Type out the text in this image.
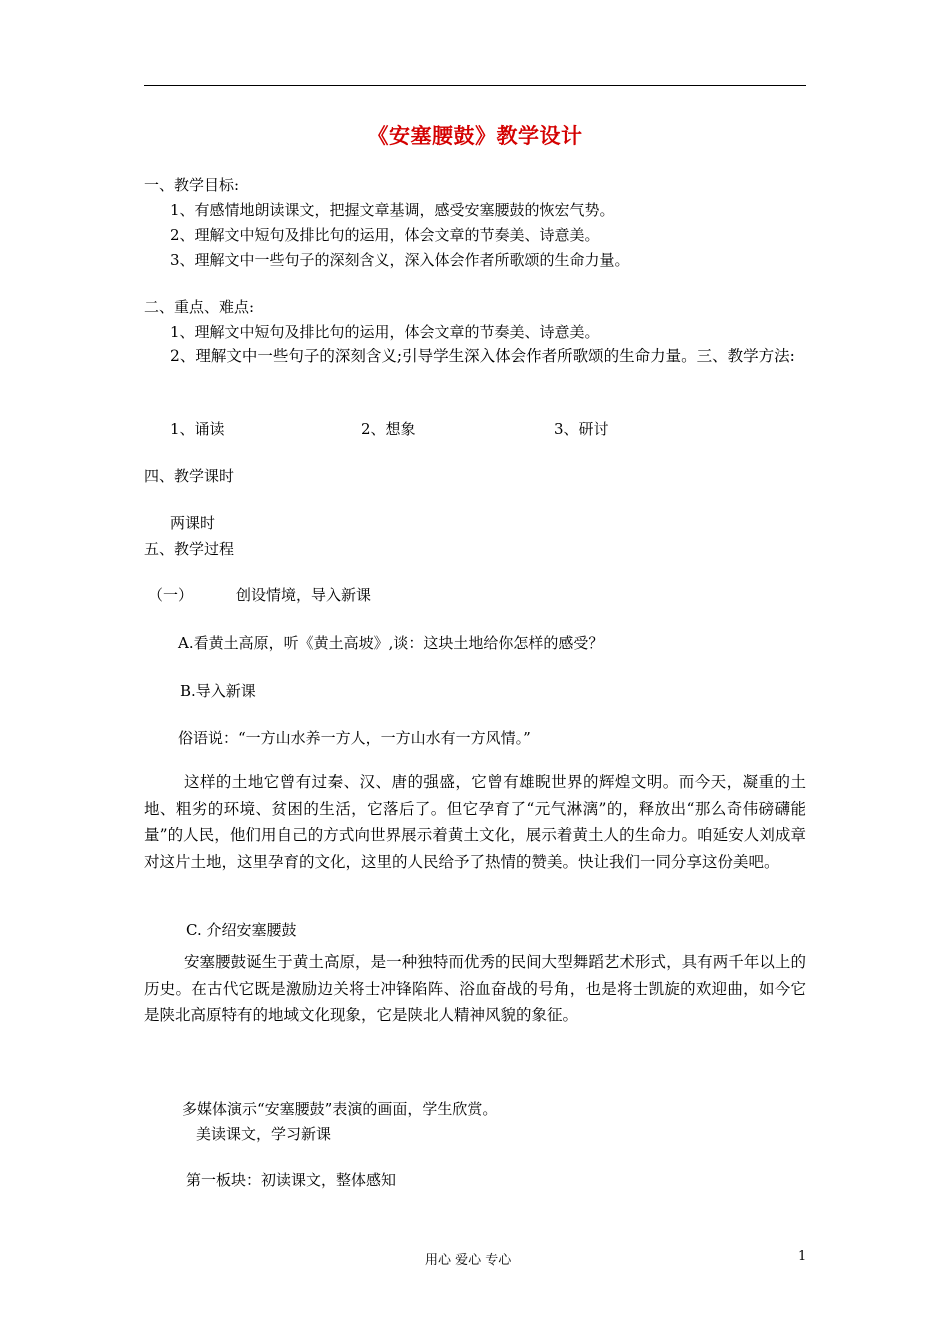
《安塞腰鼓》教学设计
一、教学目标:
1、有感情地朗读课文，把握文章基调，感受安塞腰鼓的恢宏气势。
2、理解文中短句及排比句的运用，体会文章的节奏美、诗意美。
3、理解文中一些句子的深刻含义，深入体会作者所歌颂的生命力量。
二、重点、难点:
1、理解文中短句及排比句的运用，体会文章的节奏美、诗意美。
2、理解文中一些句子的深刻含义;引导学生深入体会作者所歌颂的生命力量。三、教学方法:
1、诵读	2、想象	3、研讨
四、教学课时
两课时
五、教学过程
（一）	创设情境，导入新课
A.看黄土高原，听《黄土高坡》,谈：这块土地给你怎样的感受？
B.导入新课
俗语说：“一方山水养一方人，一方山水有一方风情。”
这样的土地它曾有过秦、汉、唐的强盛，它曾有雄睨世界的辉煌文明。而今天，凝重的土地、粗劣的环境、贫困的生活，它落后了。但它孕育了“元气淋漓”的，释放出“那么奇伟磅礴能量”的人民，他们用自己的方式向世界展示着黄土文化，展示着黄土人的生命力。咱延安人刘成章对这片土地，这里孕育的文化，这里的人民给予了热情的赞美。快让我们一同分享这份美吧。
C. 介绍安塞腰鼓
安塞腰鼓诞生于黄土高原，是一种独特而优秀的民间大型舞蹈艺术形式，具有两千年以上的历史。在古代它既是激励边关将士冲锋陷阵、浴血奋战的号角，也是将士凯旋的欢迎曲，如今它是陕北高原特有的地域文化现象，它是陕北人精神风貌的象征。
多媒体演示“安塞腰鼓”表演的画面，学生欣赏。
美读课文，学习新课
第一板块：初读课文，整体感知
用心 爱心 专心	1
